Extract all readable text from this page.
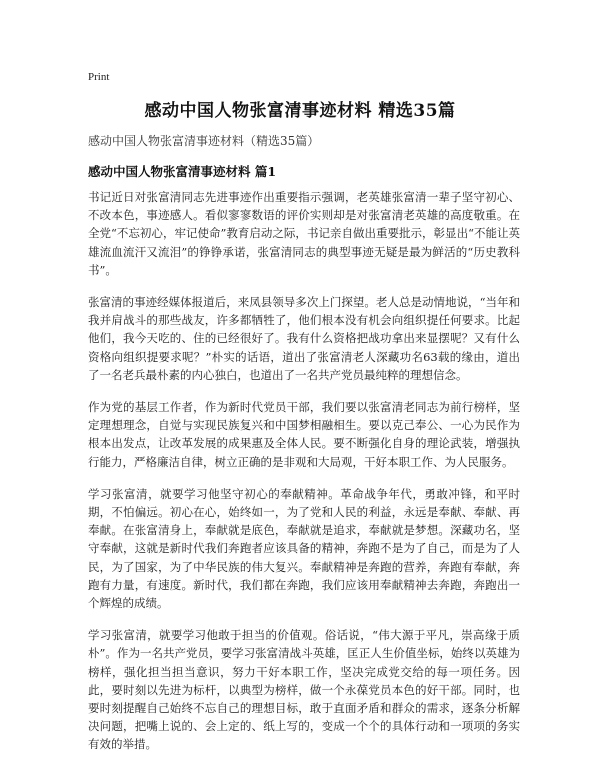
Print
感动中国人物张富清事迹材料 精选35篇
感动中国人物张富清事迹材料（精选35篇）
感动中国人物张富清事迹材料 篇1

书记近日对张富清同志先进事迹作出重要指示强调，老英雄张富清一辈子坚守初心、不改本色，事迹感人。看似寥寥数语的评价实则却是对张富清老英雄的高度敬重。在全党“不忘初心，牢记使命”教育启动之际，书记亲自做出重要批示，彰显出“不能让英雄流血流汗又流泪”的铮铮承诺，张富清同志的典型事迹无疑是最为鲜活的“历史教科书”。

张富清的事迹经媒体报道后，来凤县领导多次上门探望。老人总是动情地说，“当年和我并肩战斗的那些战友，许多都牺牲了，他们根本没有机会向组织提任何要求。比起他们，我今天吃的、住的已经很好了。我有什么资格把战功拿出来显摆呢？又有什么资格向组织提要求呢？”朴实的话语，道出了张富清老人深藏功名63载的缘由，道出了一名老兵最朴素的内心独白，也道出了一名共产党员最纯粹的理想信念。

作为党的基层工作者，作为新时代党员干部，我们要以张富清老同志为前行榜样，坚定理想理念，自觉与实现民族复兴和中国梦相融相生。要以克己奉公、一心为民作为根本出发点，让改革发展的成果惠及全体人民。要不断强化自身的理论武装，增强执行能力，严格廉洁自律，树立正确的是非观和大局观，干好本职工作、为人民服务。

学习张富清，就要学习他坚守初心的奉献精神。革命战争年代，勇敢冲锋，和平时期，不怕偏远。初心在心，始终如一，为了党和人民的利益，永远是奉献、奉献、再奉献。在张富清身上，奉献就是底色，奉献就是追求，奉献就是梦想。深藏功名，坚守奉献，这就是新时代我们奔跑者应该具备的精神，奔跑不是为了自己，而是为了人民，为了国家，为了中华民族的伟大复兴。奉献精神是奔跑的营养，奔跑有奉献，奔跑有力量，有速度。新时代，我们都在奔跑，我们应该用奉献精神去奔跑，奔跑出一个辉煌的成绩。

学习张富清，就要学习他敢于担当的价值观。俗话说，“伟大源于平凡，崇高缘于质朴”。作为一名共产党员，要学习张富清战斗英雄，匡正人生价值坐标，始终以英雄为榜样，强化担当担当意识，努力干好本职工作，坚决完成党交给的每一项任务。因此，要时刻以先进为标杆，以典型为榜样，做一个永葆党员本色的好干部。同时，也要时刻提醒自己始终不忘自己的理想目标，敢于直面矛盾和群众的需求，逐条分析解决问题，把嘴上说的、会上定的、纸上写的，变成一个个的具体行动和一项项的务实有效的举措。
